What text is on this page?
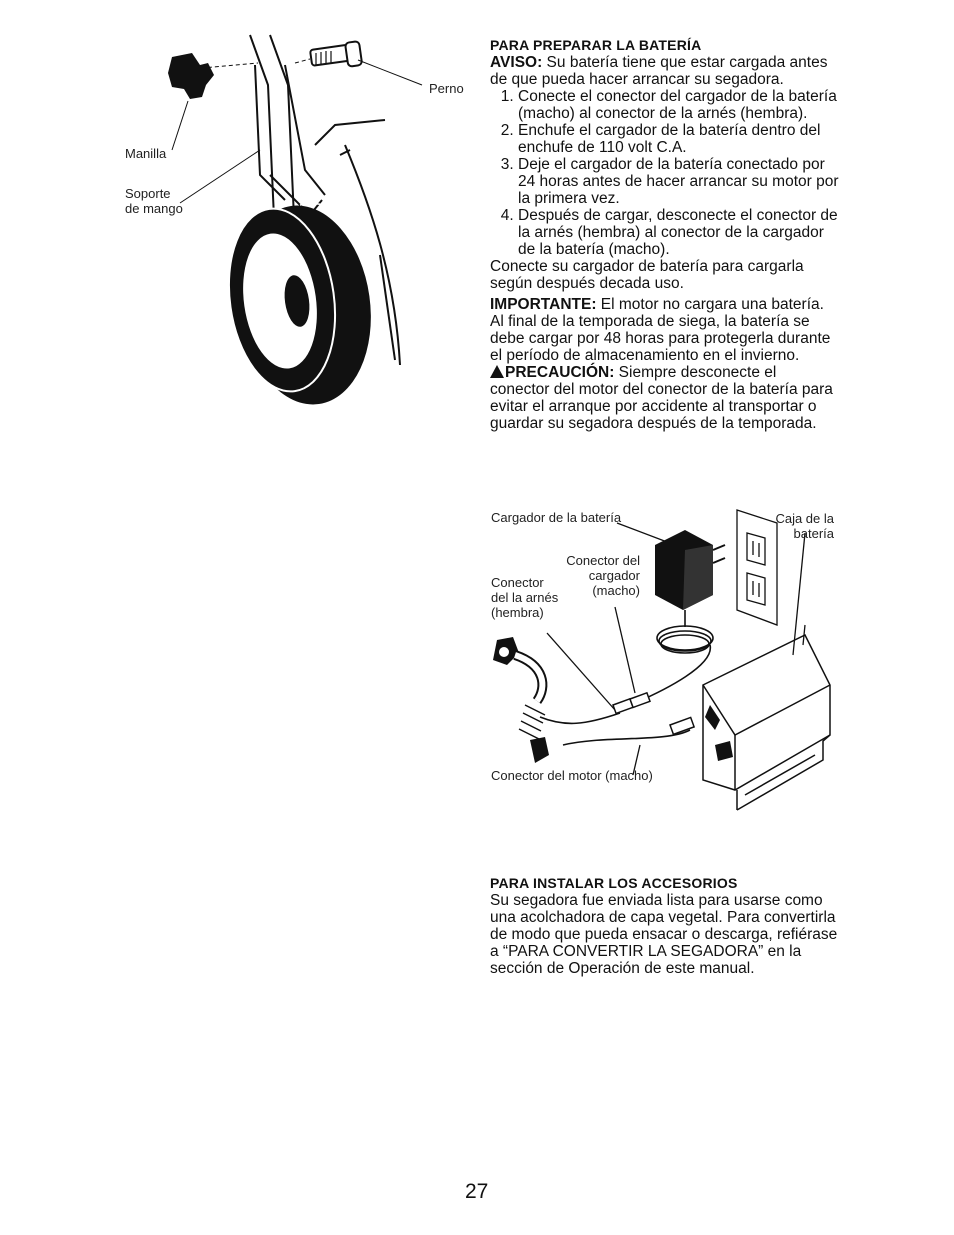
Manilla
Soporte
de mango
Perno
PARA PREPARAR LA BATERÍA

AVISO: Su batería tiene que estar cargada antes de que pueda hacer arrancar su segadora.

1. Conecte el conector del cargador de la batería (macho) al conector de la arnés (hembra).
2. Enchufe el cargador de la batería dentro del enchufe de 110 volt C.A.
3. Deje el cargador de la batería conectado por 24 horas antes de hacer arrancar su motor por la primera vez.
4. Después de cargar, desconecte el conector de la arnés (hembra) al conector de la cargador de la batería (macho).

Conecte su cargador de batería para cargarla según después decada uso.

IMPORTANTE: El motor no cargara una batería.

Al final de la temporada de siega, la batería se debe cargar por 48 horas para protegerla durante el período de almacenamiento en el invierno.

PRECAUCIÓN: Siempre desconecte el conector del motor del conector de la batería para evitar el arranque por accidente al transportar o guardar su segadora después de la temporada.

Cargador de la batería	Caja de la
batería
Conector del
cargador
(macho)
Conector
del la arnés
(hembra)
Conector del motor (macho)
PARA INSTALAR LOS ACCESORIOS

Su segadora fue enviada lista para usarse como una acolchadora de capa vegetal. Para convertirla de modo que pueda ensacar o descarga, refiérase a “PARA CONVERTIR LA SEGADORA” en la sección de Operación de este manual.

27
